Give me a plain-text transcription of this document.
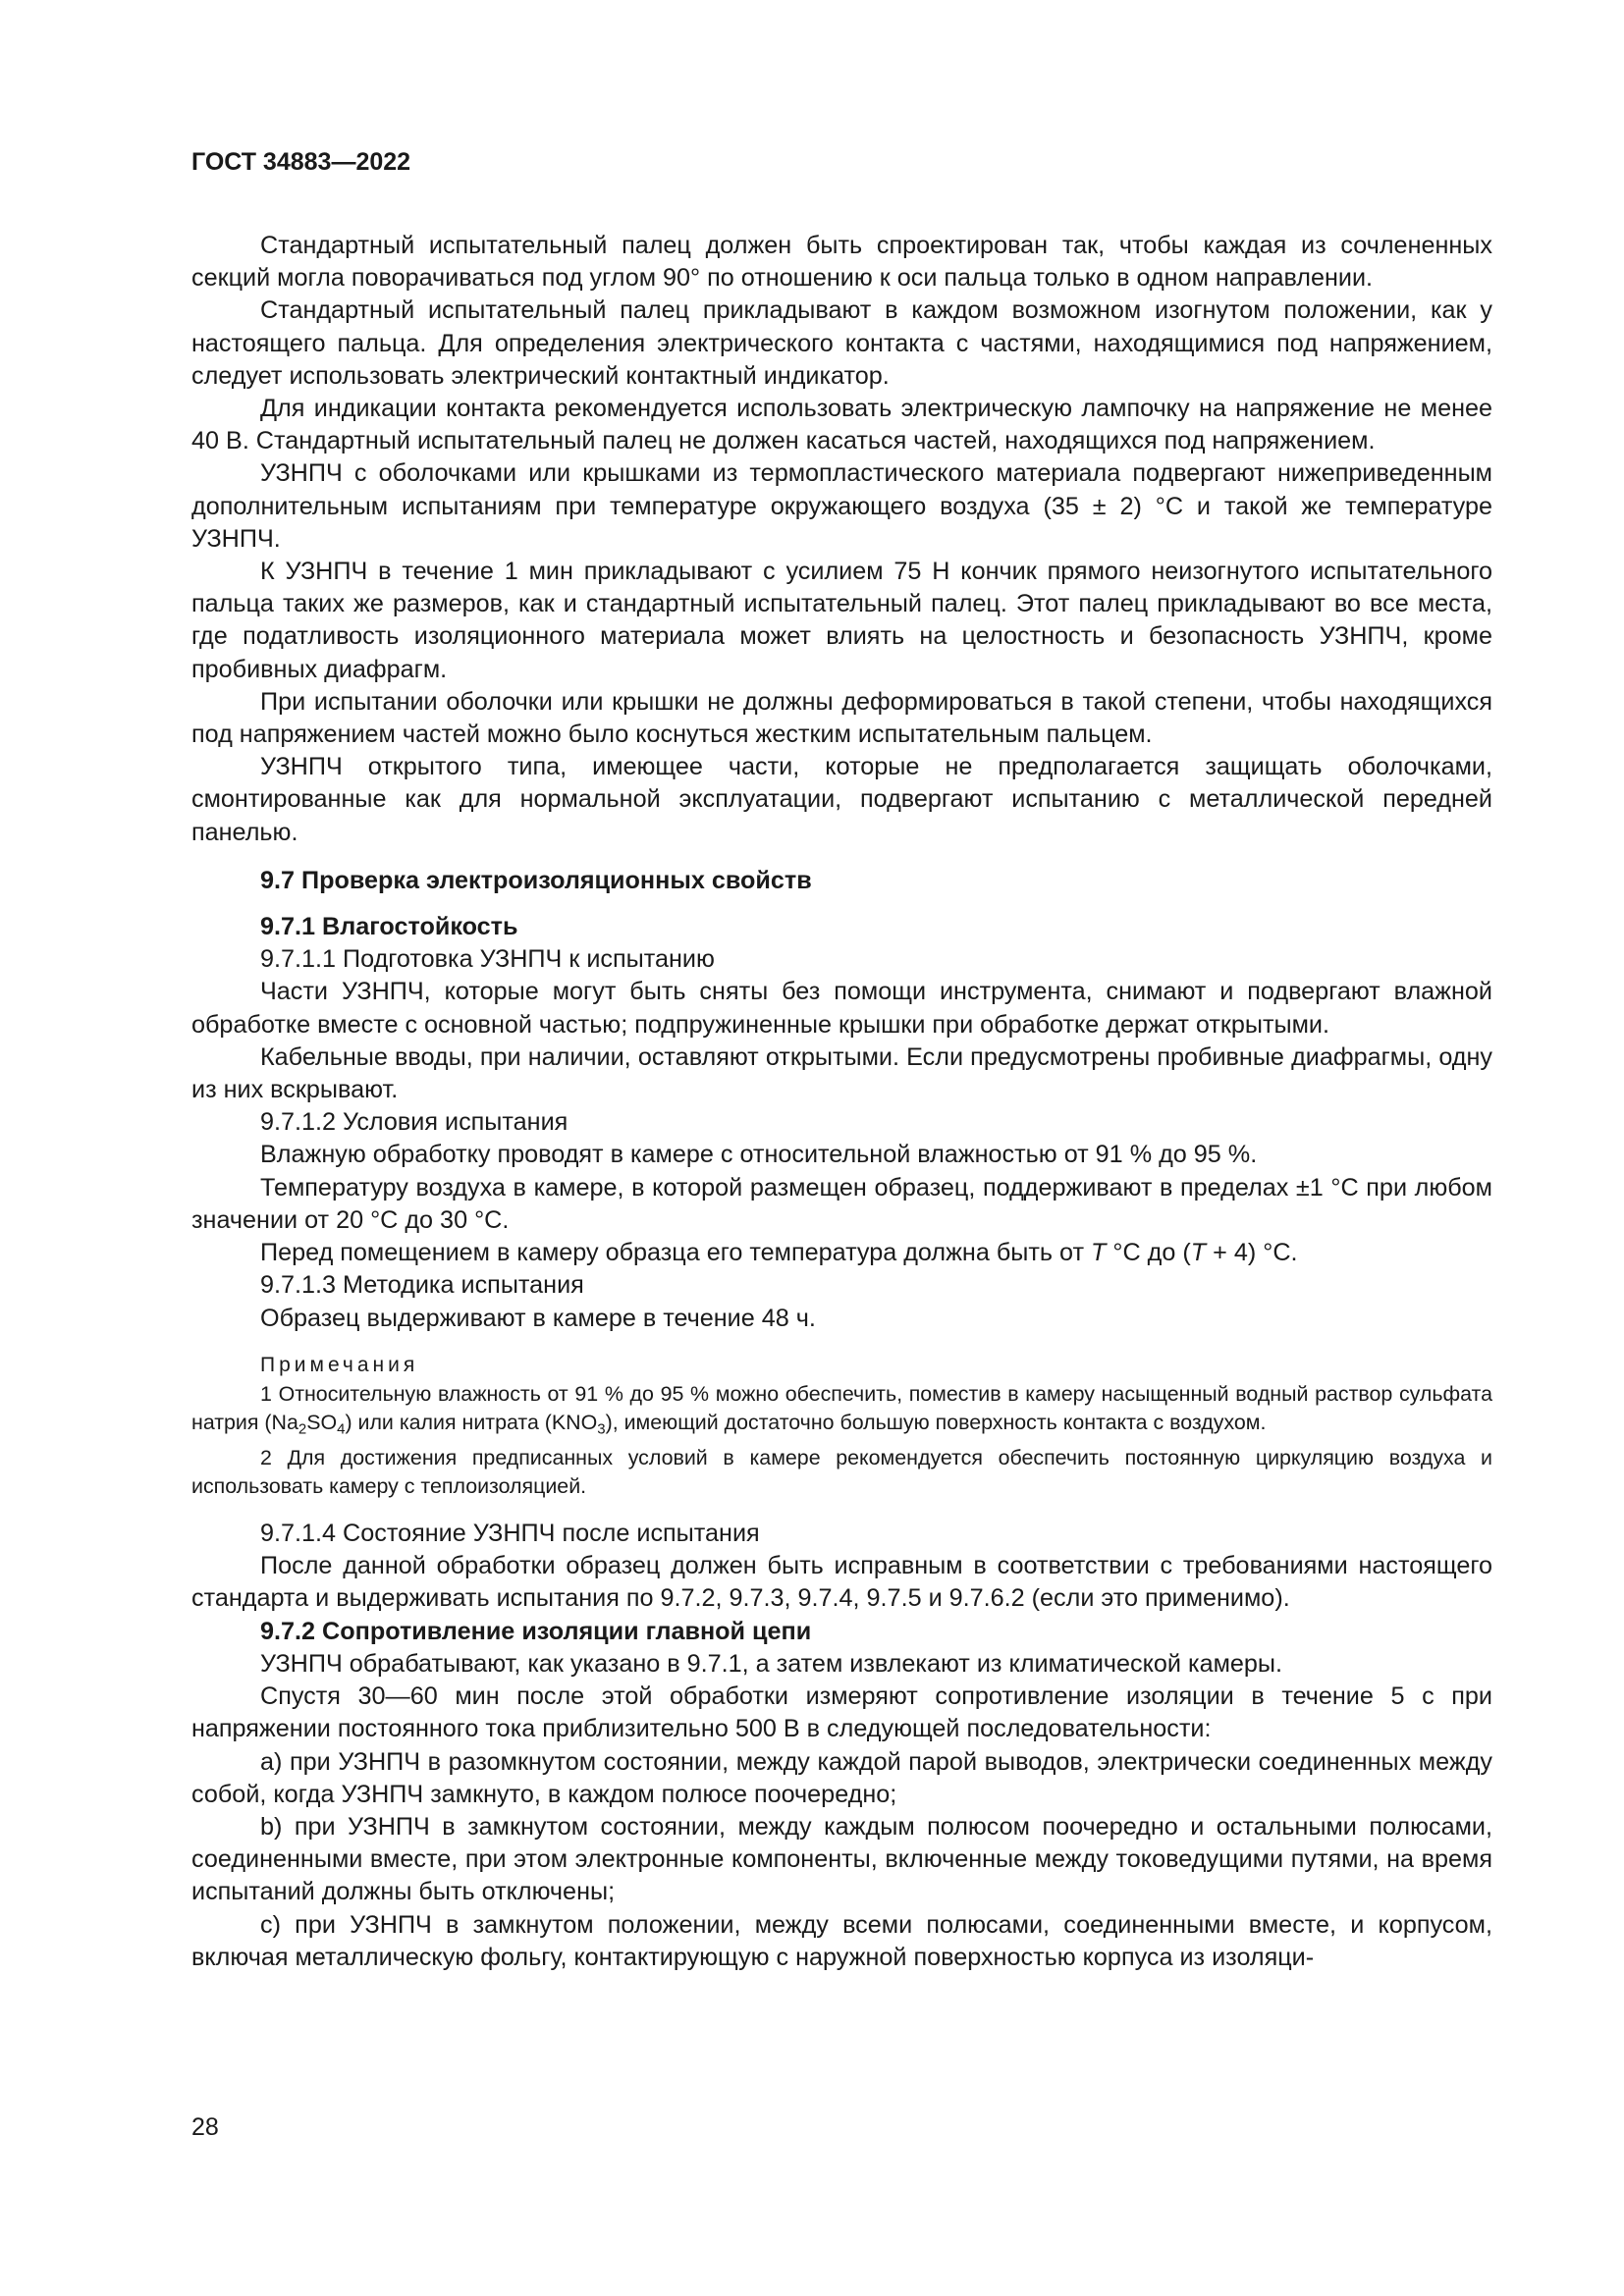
ГОСТ 34883—2022

Стандартный испытательный палец должен быть спроектирован так, чтобы каждая из сочлененных секций могла поворачиваться под углом 90° по отношению к оси пальца только в одном направлении.

Стандартный испытательный палец прикладывают в каждом возможном изогнутом положении, как у настоящего пальца. Для определения электрического контакта с частями, находящимися под напряжением, следует использовать электрический контактный индикатор.

Для индикации контакта рекомендуется использовать электрическую лампочку на напряжение не менее 40 В. Стандартный испытательный палец не должен касаться частей, находящихся под напряжением.

УЗНПЧ с оболочками или крышками из термопластического материала подвергают нижеприведенным дополнительным испытаниям при температуре окружающего воздуха (35 ± 2) °С и такой же температуре УЗНПЧ.

К УЗНПЧ в течение 1 мин прикладывают с усилием 75 Н кончик прямого неизогнутого испытательного пальца таких же размеров, как и стандартный испытательный палец. Этот палец прикладывают во все места, где податливость изоляционного материала может влиять на целостность и безопасность УЗНПЧ, кроме пробивных диафрагм.

При испытании оболочки или крышки не должны деформироваться в такой степени, чтобы находящихся под напряжением частей можно было коснуться жестким испытательным пальцем.

УЗНПЧ открытого типа, имеющее части, которые не предполагается защищать оболочками, смонтированные как для нормальной эксплуатации, подвергают испытанию с металлической передней панелью.

9.7 Проверка электроизоляционных свойств

9.7.1 Влагостойкость

9.7.1.1 Подготовка УЗНПЧ к испытанию

Части УЗНПЧ, которые могут быть сняты без помощи инструмента, снимают и подвергают влажной обработке вместе с основной частью; подпружиненные крышки при обработке держат открытыми.

Кабельные вводы, при наличии, оставляют открытыми. Если предусмотрены пробивные диафрагмы, одну из них вскрывают.

9.7.1.2 Условия испытания

Влажную обработку проводят в камере с относительной влажностью от 91 % до 95 %.

Температуру воздуха в камере, в которой размещен образец, поддерживают в пределах ±1 °С при любом значении от 20 °С до 30 °С.

Перед помещением в камеру образца его температура должна быть от T °С до (T + 4) °С.

9.7.1.3 Методика испытания

Образец выдерживают в камере в течение 48 ч.

Примечания

1 Относительную влажность от 91 % до 95 % можно обеспечить, поместив в камеру насыщенный водный раствор сульфата натрия $(Na_2SO_4)$ или калия нитрата $(KNO_3)$, имеющий достаточно большую поверхность контакта с воздухом.

2 Для достижения предписанных условий в камере рекомендуется обеспечить постоянную циркуляцию воздуха и использовать камеру с теплоизоляцией.

9.7.1.4 Состояние УЗНПЧ после испытания

После данной обработки образец должен быть исправным в соответствии с требованиями настоящего стандарта и выдерживать испытания по 9.7.2, 9.7.3, 9.7.4, 9.7.5 и 9.7.6.2 (если это применимо).

9.7.2 Сопротивление изоляции главной цепи

УЗНПЧ обрабатывают, как указано в 9.7.1, а затем извлекают из климатической камеры.

Спустя 30—60 мин после этой обработки измеряют сопротивление изоляции в течение 5 с при напряжении постоянного тока приблизительно 500 В в следующей последовательности:

a) при УЗНПЧ в разомкнутом состоянии, между каждой парой выводов, электрически соединенных между собой, когда УЗНПЧ замкнуто, в каждом полюсе поочередно;

b) при УЗНПЧ в замкнутом состоянии, между каждым полюсом поочередно и остальными полюсами, соединенными вместе, при этом электронные компоненты, включенные между токоведущими путями, на время испытаний должны быть отключены;

c) при УЗНПЧ в замкнутом положении, между всеми полюсами, соединенными вместе, и корпусом, включая металлическую фольгу, контактирующую с наружной поверхностью корпуса из изоляци-

28
